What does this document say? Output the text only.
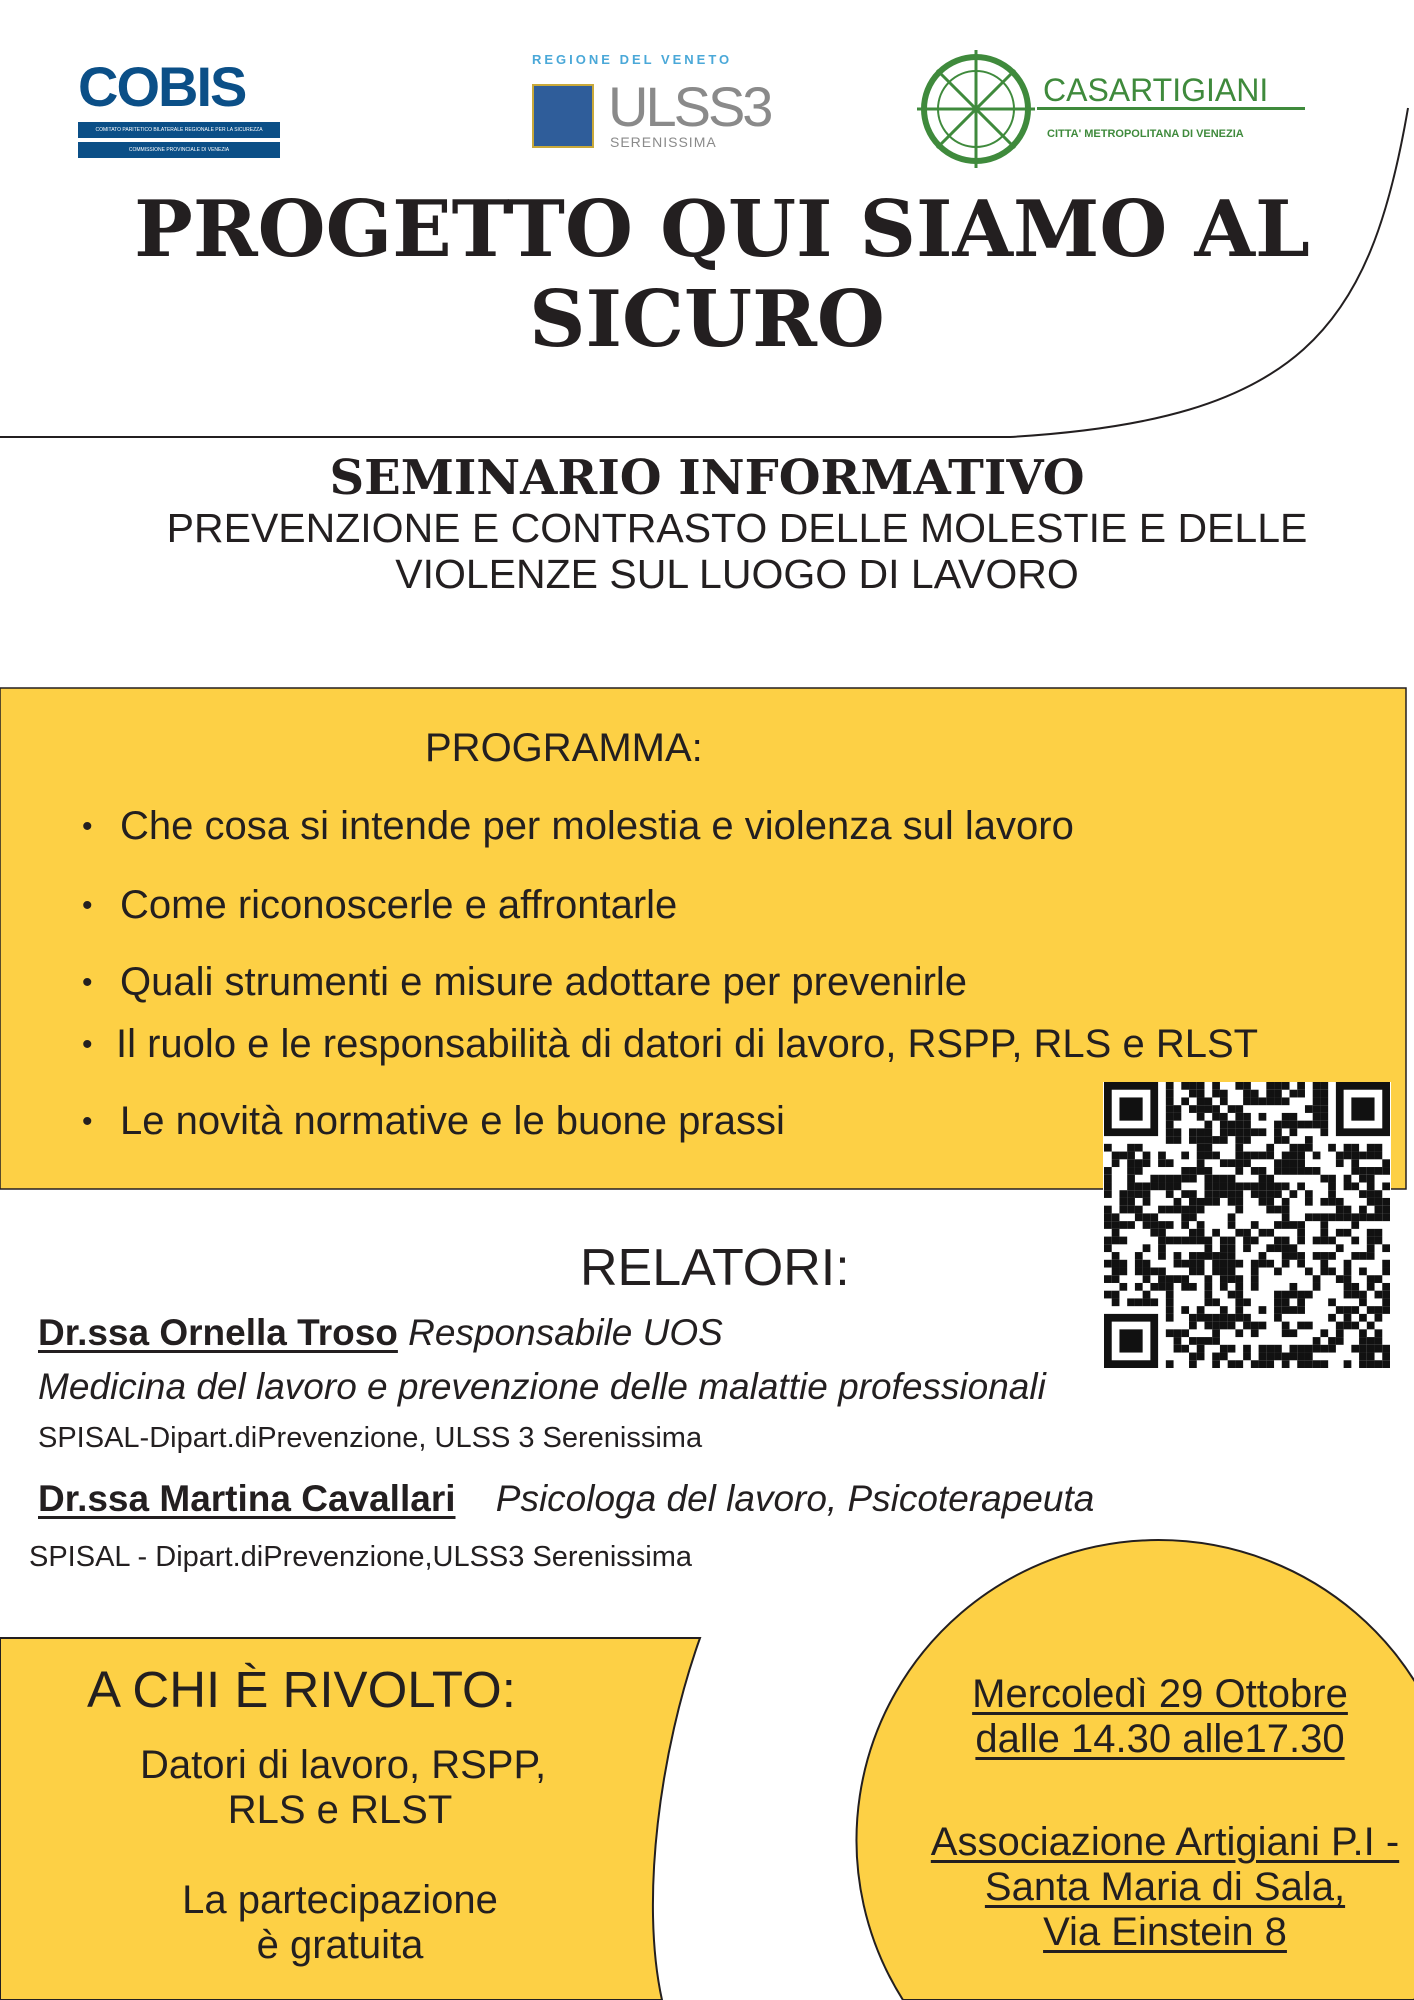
COBIS
COMITATO PARITETICO BILATERALE REGIONALE PER LA SICUREZZA
COMMISSIONE PROVINCIALE DI VENEZIA
REGIONE DEL VENETO
ULSS3
SERENISSIMA
CASARTIGIANI
CITTA' METROPOLITANA DI VENEZIA
PROGETTO QUI SIAMO AL
SICURO
SEMINARIO INFORMATIVO
PREVENZIONE E CONTRASTO DELLE MOLESTIE E DELLE
VIOLENZE SUL LUOGO DI LAVORO
PROGRAMMA:
Che cosa si intende per molestia e violenza sul lavoro
Come riconoscerle e affrontarle
Quali strumenti e misure adottare per prevenirle
Il ruolo e le responsabilità di datori di lavoro, RSPP, RLS e RLST
Le novità normative e le buone prassi
RELATORI:
Dr.ssa Ornella Troso Responsabile UOS
Medicina del lavoro e prevenzione delle malattie professionali
SPISAL-Dipart.diPrevenzione, ULSS 3 Serenissima
Dr.ssa Martina Cavallari Psicologa del lavoro, Psicoterapeuta
SPISAL - Dipart.diPrevenzione,ULSS3 Serenissima
A CHI È RIVOLTO:
Datori di lavoro, RSPP,
RLS e RLST
La partecipazione
è gratuita
Mercoledì 29 Ottobre
dalle 14.30 alle17.30
Associazione Artigiani P.I -
Santa Maria di Sala,
Via Einstein 8
